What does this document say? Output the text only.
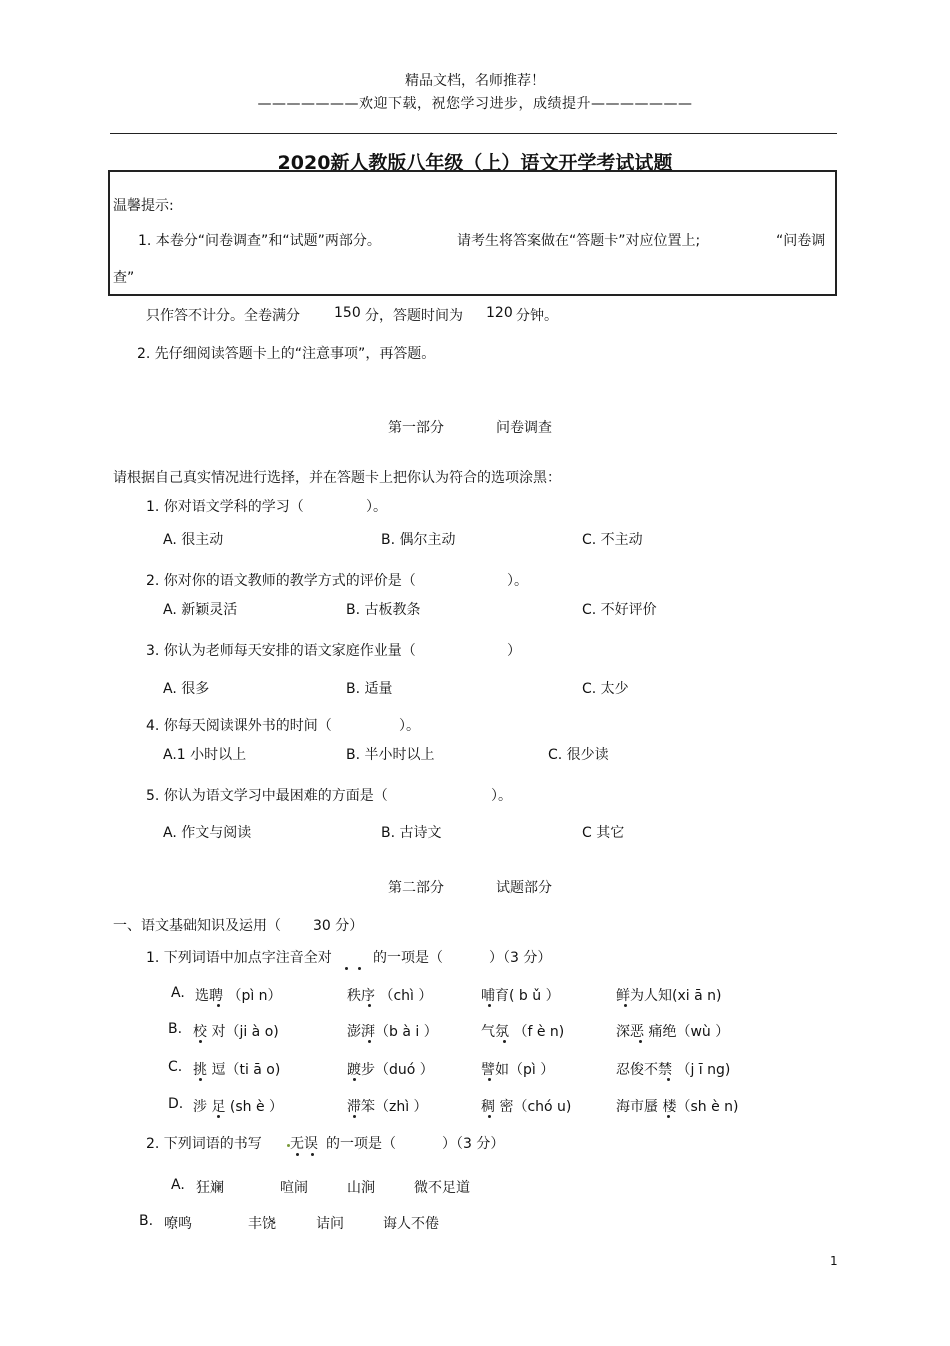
精品文档，名师推荐！
———————欢迎下载，祝您学习进步，成绩提升———————
2020新人教版八年级（上）语文开学考试试题
温馨提示:
1. 本卷分“问卷调查”和“试题”两部分。	请考生将答案做在“答题卡”对应位置上;	“问卷调
查”
只作答不计分。全卷满分 150 分，答题时间为 120 分钟。
2. 先仔细阅读答题卡上的“注意事项”，再答题。
第一部分	问卷调查
请根据自己真实情况进行选择，并在答题卡上把你认为符合的选项涂黑：
1. 你对语文学科的学习（	）。
A. 很主动	B. 偶尔主动	C. 不主动
2. 你对你的语文教师的教学方式的评价是（	）。
A. 新颖灵活	B. 古板教条	C. 不好评价
3. 你认为老师每天安排的语文家庭作业量（	）
A. 很多	B. 适量	C. 太少
4. 你每天阅读课外书的时间（	）。
A.1 小时以上	B. 半小时以上	C. 很少读
5. 你认为语文学习中最困难的方面是（	）。
A. 作文与阅读	B. 古诗文	C 其它
第二部分	试题部分
一、语文基础知识及运用（ 30 分）
1. 下列词语中加点字注音全对	的一项是（	）（3 分）
A. 选聘 （pì n）	秩序 （chì ）	哺育( b ǔ ）	鲜为人知(xi ā n)
B. 校 对（ji à o)	澎湃（b à i ）	气氛 （f è n)	深恶 痛绝（wù ）
C. 挑 逗（ti ā o)	踱步（duó ）	譬如（pì ）	忍俊不禁 （j ī ng)
D. 涉 足 (sh è ）	滞笨（zhì ）	稠 密（chó u)	海市蜃 楼（sh è n)
2. 下列词语的书写 无误 的一项是（	）（3 分）
A. 狂斓	喧闹	山涧	微不足道
B. 嘹鸣	丰饶	诘问	诲人不倦
1
